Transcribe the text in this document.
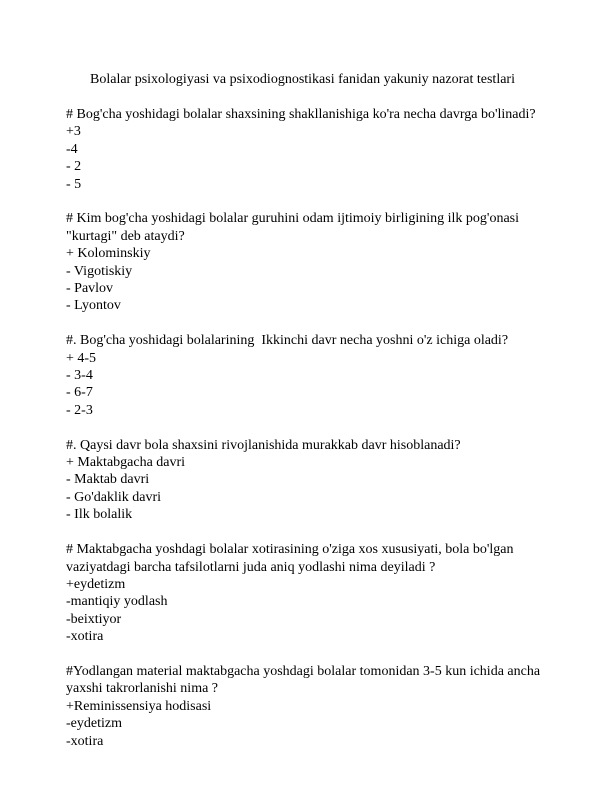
Bolalar psixologiyasi va psixodiognostikasi fanidan yakuniy nazorat testlari
# Bog'cha yoshidagi bolalar shaxsining shakllanishiga ko'ra necha davrga bo'linadi?
+3
-4
- 2
- 5
# Kim bog'cha yoshidagi bolalar guruhini odam ijtimoiy birligining ilk pog'onasi "kurtagi" deb ataydi?
+ Kolominskiy
- Vigotiskiy
- Pavlov
- Lyontov
#. Bog'cha yoshidagi bolalarining  Ikkinchi davr necha yoshni o'z ichiga oladi?
+ 4-5
- 3-4
- 6-7
- 2-3
#. Qaysi davr bola shaxsini rivojlanishida murakkab davr hisoblanadi?
+ Maktabgacha davri
- Maktab davri
- Go'daklik davri
- Ilk bolalik
# Maktabgacha yoshdagi bolalar xotirasining o'ziga xos xususiyati, bola bo'lgan vaziyatdagi barcha tafsilotlarni juda aniq yodlashi nima deyiladi ?
+eydetizm
-mantiqiy yodlash
-beixtiyor
-xotira
#Yodlangan material maktabgacha yoshdagi bolalar tomonidan 3-5 kun ichida ancha yaxshi takrorlanishi nima ?
+Reminissensiya hodisasi
-eydetizm
-xotira
